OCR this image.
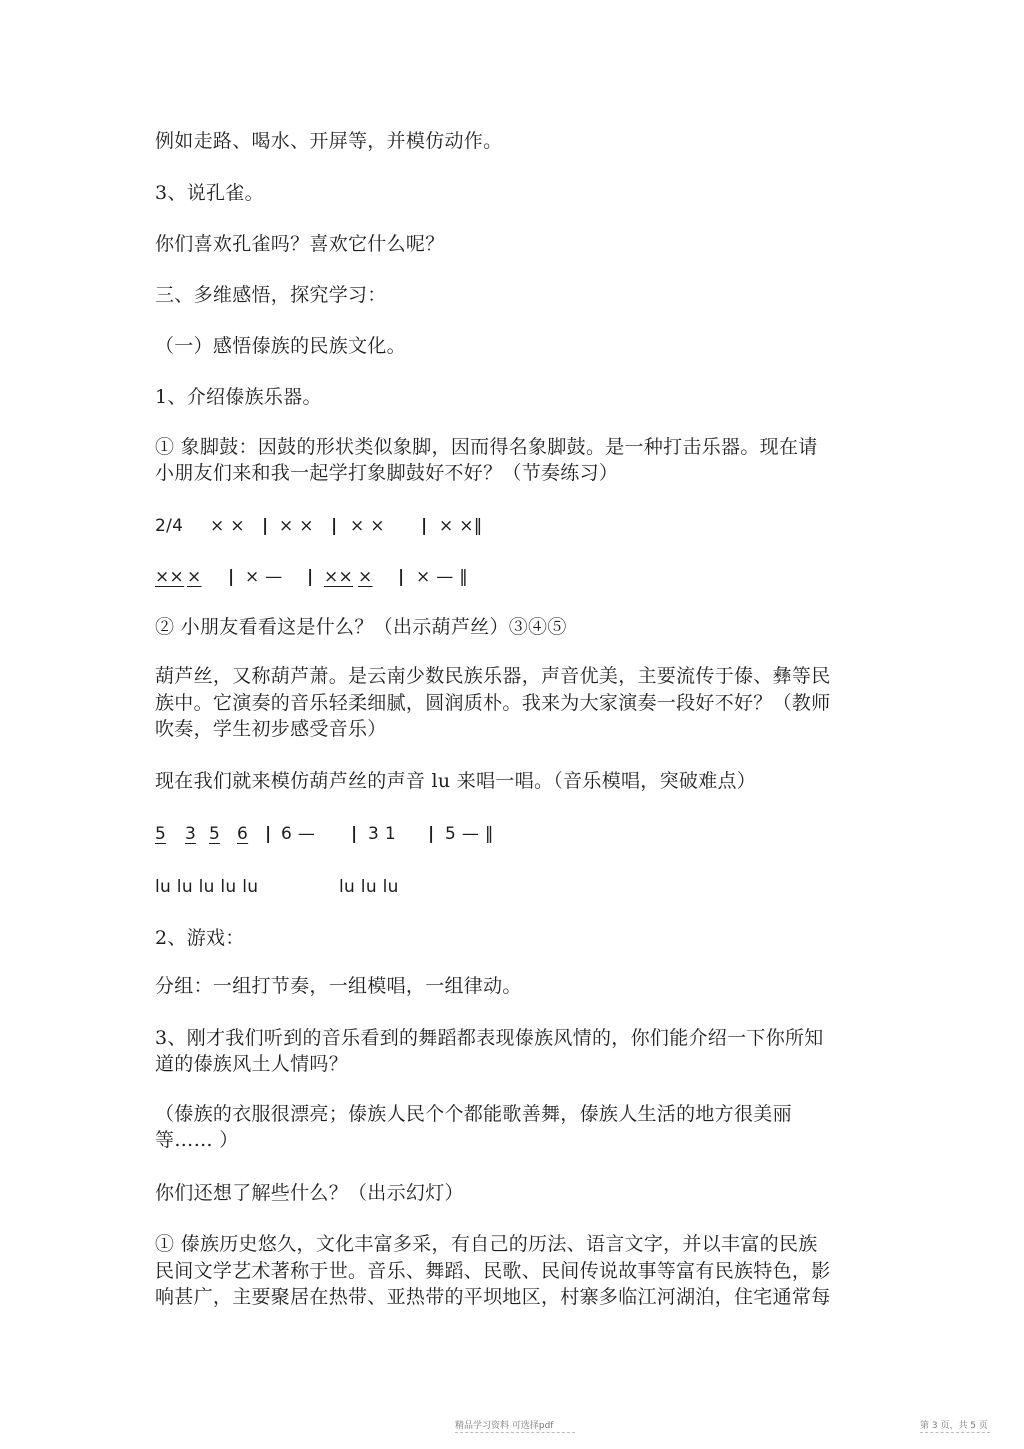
例如走路、喝水、开屏等，并模仿动作。
3、说孔雀。
你们喜欢孔雀吗？喜欢它什么呢？
三、多维感悟，探究学习：
（一）感悟傣族的民族文化。
1、介绍傣族乐器。
① 象脚鼓：因鼓的形状类似象脚，因而得名象脚鼓。是一种打击乐器。现在请
小朋友们来和我一起学打象脚鼓好不好？（节奏练习）
2/4 × × | × × | × × | × ×‖
×× × | × — | ×× × | × — ‖
② 小朋友看看这是什么？（出示葫芦丝）③④⑤
葫芦丝，又称葫芦萧。是云南少数民族乐器，声音优美，主要流传于傣、彝等民
族中。它演奏的音乐轻柔细腻，圆润质朴。我来为大家演奏一段好不好？（教师
吹奏，学生初步感受音乐）
现在我们就来模仿葫芦丝的声音 lu 来唱一唱。（音乐模唱，突破难点）
5 3 5 6 | 6 — | 3 1 | 5 — ‖
lu lu lu lu lu	lu lu lu
2、游戏：
分组：一组打节奏，一组模唱，一组律动。
3、刚才我们听到的音乐看到的舞蹈都表现傣族风情的，你们能介绍一下你所知
道的傣族风土人情吗？
（傣族的衣服很漂亮；傣族人民个个都能歌善舞，傣族人生活的地方很美丽
等…… ）
你们还想了解些什么？（出示幻灯）
① 傣族历史悠久，文化丰富多采，有自己的历法、语言文字，并以丰富的民族
民间文学艺术著称于世。音乐、舞蹈、民歌、民间传说故事等富有民族特色，影
响甚广，主要聚居在热带、亚热带的平坝地区，村寨多临江河湖泊，住宅通常每
精品学习资料 可选择pdf	第 3 页，共 5 页
